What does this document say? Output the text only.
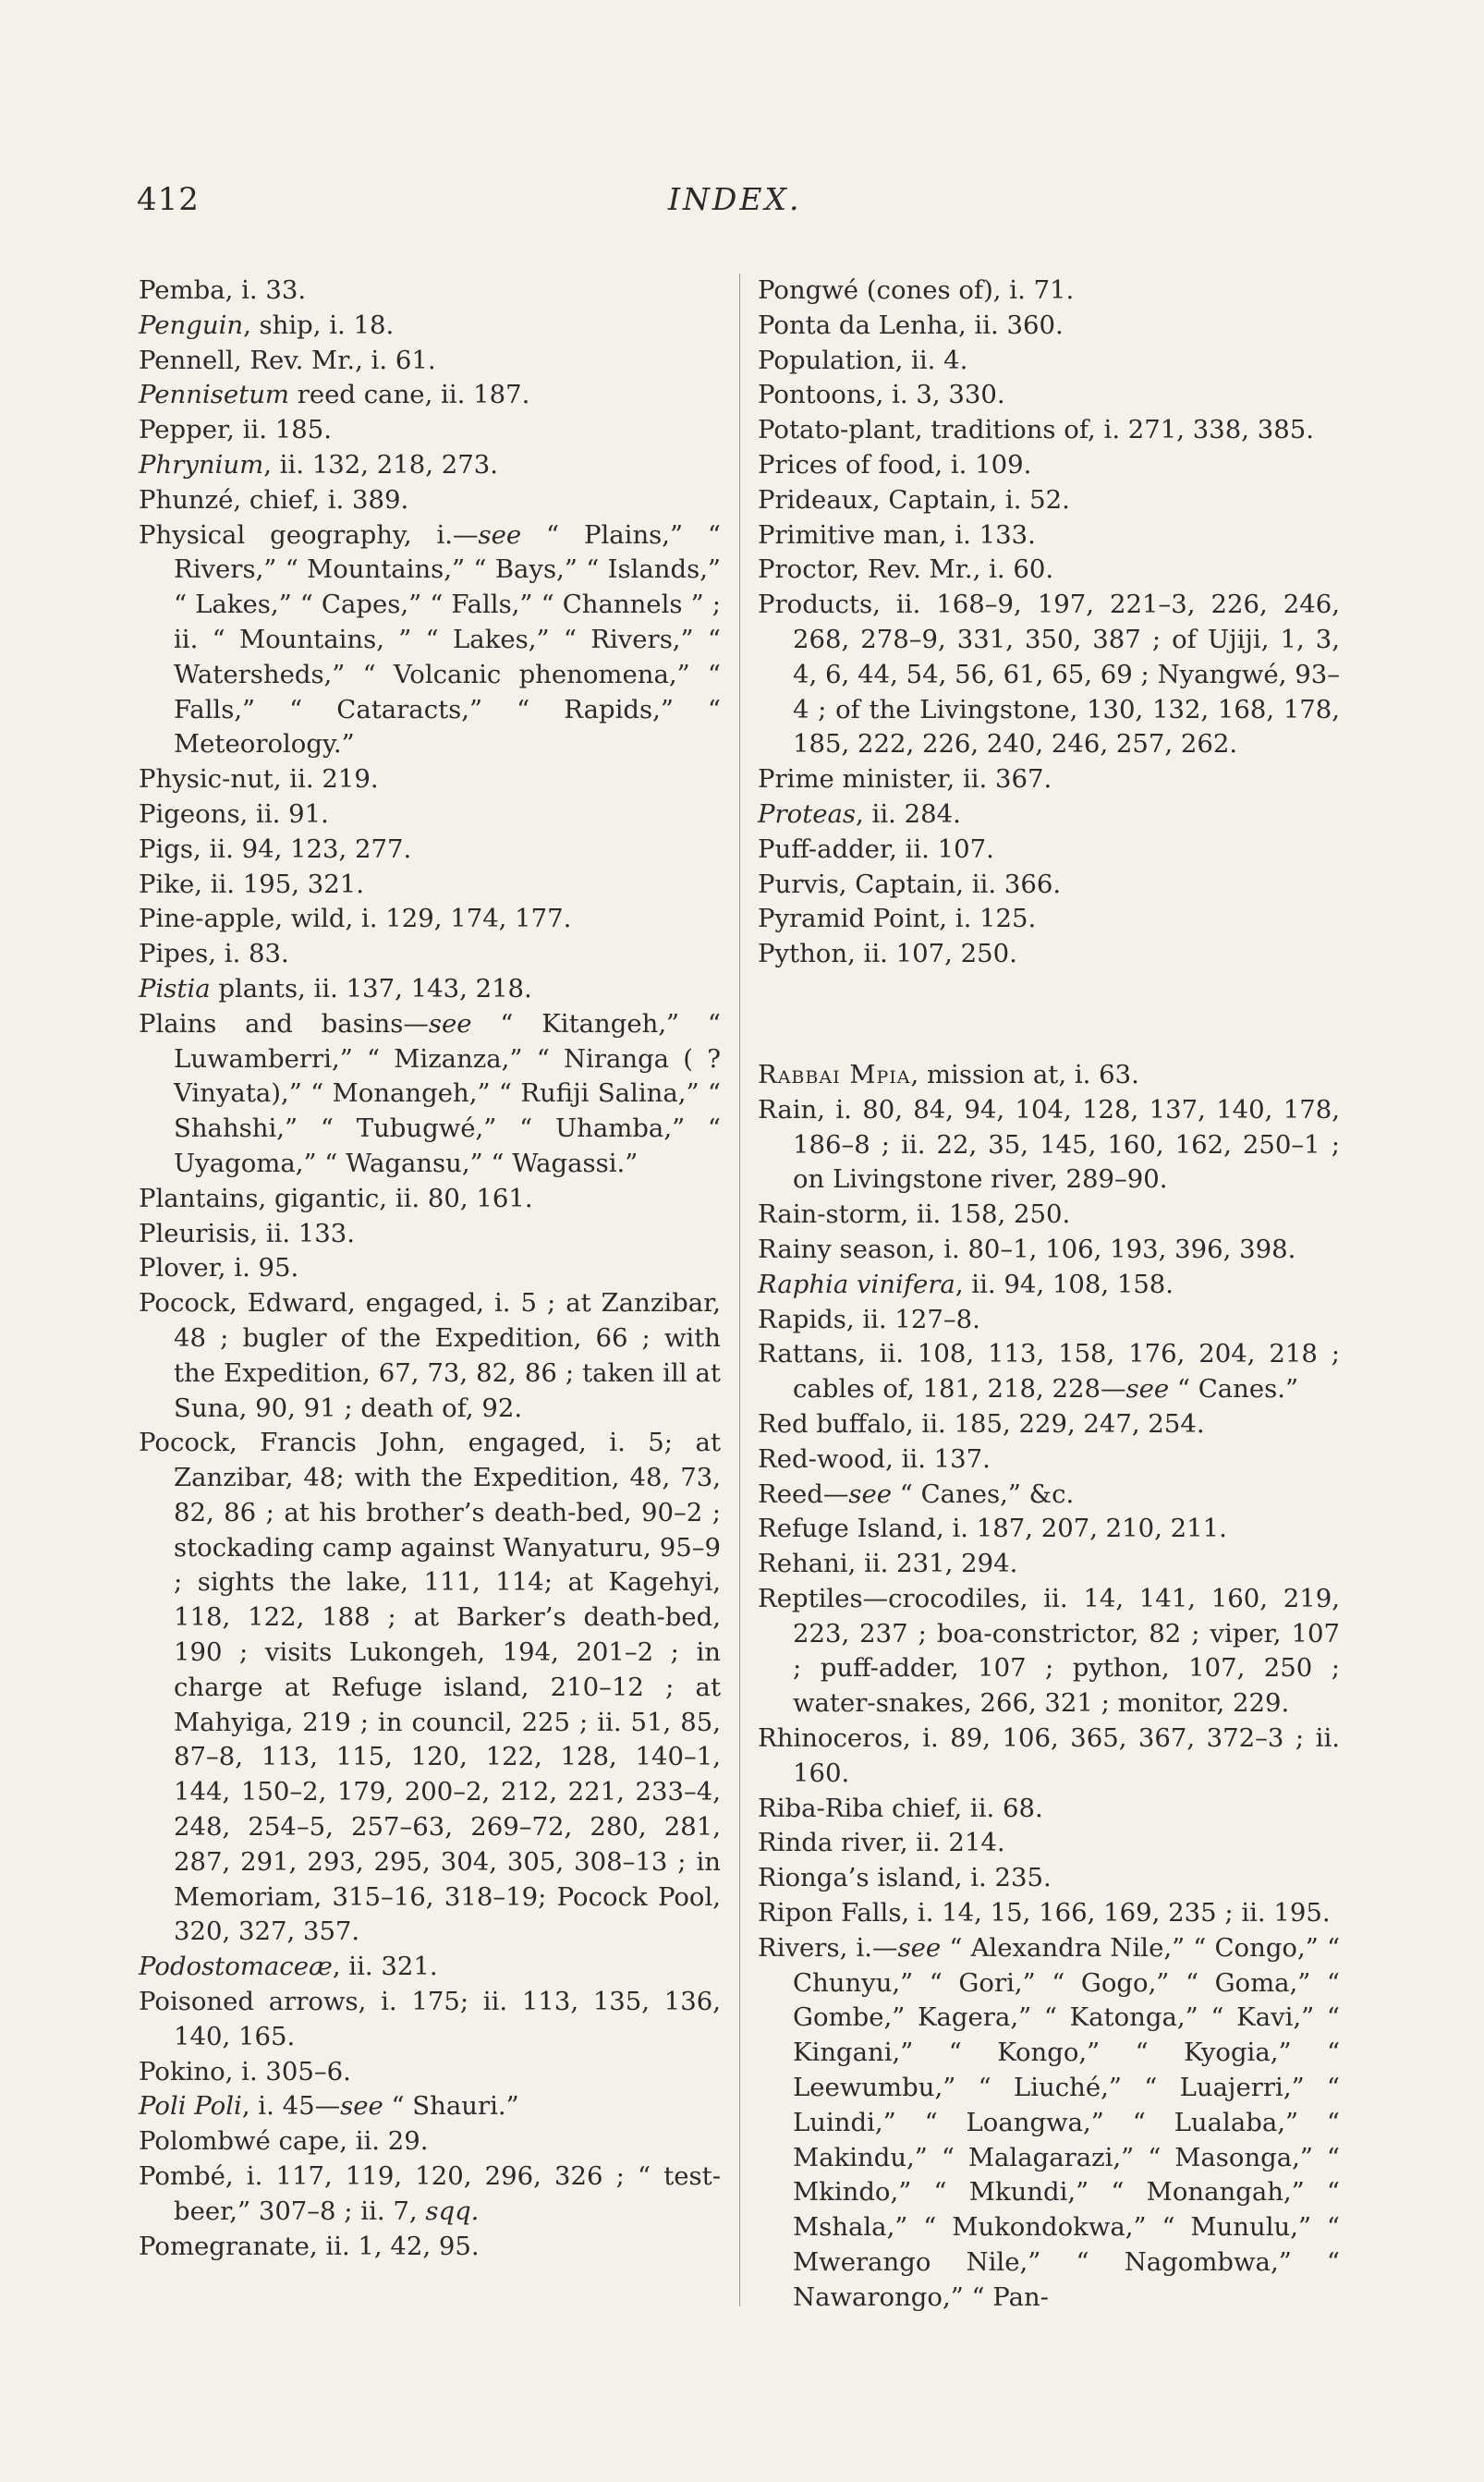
412	INDEX.

Pemba, i. 33.

Penguin, ship, i. 18.

Pennell, Rev. Mr., i. 61.

Pennisetum reed cane, ii. 187.

Pepper, ii. 185.

Phrynium, ii. 132, 218, 273.

Phunzé, chief, i. 389.

Physical geography, i.—see “ Plains,” “ Rivers,” “ Mountains,” “ Bays,” “ Islands,” “ Lakes,” “ Capes,” “ Falls,” “ Channels ” ; ii. “ Mountains, ” “ Lakes,” “ Rivers,” “ Watersheds,” “ Volcanic phenomena,” “ Falls,” “ Cataracts,” “ Rapids,” “ Meteorology.”

Physic-nut, ii. 219.

Pigeons, ii. 91.

Pigs, ii. 94, 123, 277.

Pike, ii. 195, 321.

Pine-apple, wild, i. 129, 174, 177.

Pipes, i. 83.

Pistia plants, ii. 137, 143, 218.

Plains and basins—see “ Kitangeh,” “ Luwamberri,” “ Mizanza,” “ Niranga ( ? Vinyata),” “ Monangeh,” “ Rufiji Salina,” “ Shahshi,” “ Tubugwé,” “ Uhamba,” “ Uyagoma,” “ Wagansu,” “ Wagassi.”

Plantains, gigantic, ii. 80, 161.

Pleurisis, ii. 133.

Plover, i. 95.

Pocock, Edward, engaged, i. 5 ; at Zanzibar, 48 ; bugler of the Expedition, 66 ; with the Expedition, 67, 73, 82, 86 ; taken ill at Suna, 90, 91 ; death of, 92.

Pocock, Francis John, engaged, i. 5; at Zanzibar, 48; with the Expedition, 48, 73, 82, 86 ; at his brother’s death-bed, 90–2 ; stockading camp against Wanyaturu, 95–9 ; sights the lake, 111, 114; at Kagehyi, 118, 122, 188 ; at Barker’s death-bed, 190 ; visits Lukongeh, 194, 201–2 ; in charge at Refuge island, 210–12 ; at Mahyiga, 219 ; in council, 225 ; ii. 51, 85, 87–8, 113, 115, 120, 122, 128, 140–1, 144, 150–2, 179, 200–2, 212, 221, 233–4, 248, 254–5, 257–63, 269–72, 280, 281, 287, 291, 293, 295, 304, 305, 308–13 ; in Memoriam, 315–16, 318–19; Pocock Pool, 320, 327, 357.

Podostomaceæ, ii. 321.

Poisoned arrows, i. 175; ii. 113, 135, 136, 140, 165.

Pokino, i. 305–6.

Poli Poli, i. 45—see “ Shauri.”

Polombwé cape, ii. 29.

Pombé, i. 117, 119, 120, 296, 326 ; “ test-beer,” 307–8 ; ii. 7, sqq.

Pomegranate, ii. 1, 42, 95.

Pongwé (cones of), i. 71.

Ponta da Lenha, ii. 360.

Population, ii. 4.

Pontoons, i. 3, 330.

Potato-plant, traditions of, i. 271, 338, 385.

Prices of food, i. 109.

Prideaux, Captain, i. 52.

Primitive man, i. 133.

Proctor, Rev. Mr., i. 60.

Products, ii. 168–9, 197, 221–3, 226, 246, 268, 278–9, 331, 350, 387 ; of Ujiji, 1, 3, 4, 6, 44, 54, 56, 61, 65, 69 ; Nyangwé, 93–4 ; of the Livingstone, 130, 132, 168, 178, 185, 222, 226, 240, 246, 257, 262.

Prime minister, ii. 367.

Proteas, ii. 284.

Puff-adder, ii. 107.

Purvis, Captain, ii. 366.

Pyramid Point, i. 125.

Python, ii. 107, 250.

Rabbai Mpia, mission at, i. 63.

Rain, i. 80, 84, 94, 104, 128, 137, 140, 178, 186–8 ; ii. 22, 35, 145, 160, 162, 250–1 ; on Livingstone river, 289–90.

Rain-storm, ii. 158, 250.

Rainy season, i. 80–1, 106, 193, 396, 398.

Raphia vinifera, ii. 94, 108, 158.

Rapids, ii. 127–8.

Rattans, ii. 108, 113, 158, 176, 204, 218 ; cables of, 181, 218, 228—see “ Canes.”

Red buffalo, ii. 185, 229, 247, 254.

Red-wood, ii. 137.

Reed—see “ Canes,” &c.

Refuge Island, i. 187, 207, 210, 211.

Rehani, ii. 231, 294.

Reptiles—crocodiles, ii. 14, 141, 160, 219, 223, 237 ; boa-constrictor, 82 ; viper, 107 ; puff-adder, 107 ; python, 107, 250 ; water-snakes, 266, 321 ; monitor, 229.

Rhinoceros, i. 89, 106, 365, 367, 372–3 ; ii. 160.

Riba-Riba chief, ii. 68.

Rinda river, ii. 214.

Rionga’s island, i. 235.

Ripon Falls, i. 14, 15, 166, 169, 235 ; ii. 195.

Rivers, i.—see “ Alexandra Nile,” “ Congo,” “ Chunyu,” “ Gori,” “ Gogo,” “ Goma,” “ Gombe,” Kagera,” “ Katonga,” “ Kavi,” “ Kingani,” “ Kongo,” “ Kyogia,” “ Leewumbu,” “ Liuché,” “ Luajerri,” “ Luindi,” “ Loangwa,” “ Lualaba,” “ Makindu,” “ Malagarazi,” “ Masonga,” “ Mkindo,” “ Mkundi,” “ Monangah,” “ Mshala,” “ Mukondokwa,” “ Munulu,” “ Mwerango Nile,” “ Nagombwa,” “ Nawarongo,” “ Pan-
